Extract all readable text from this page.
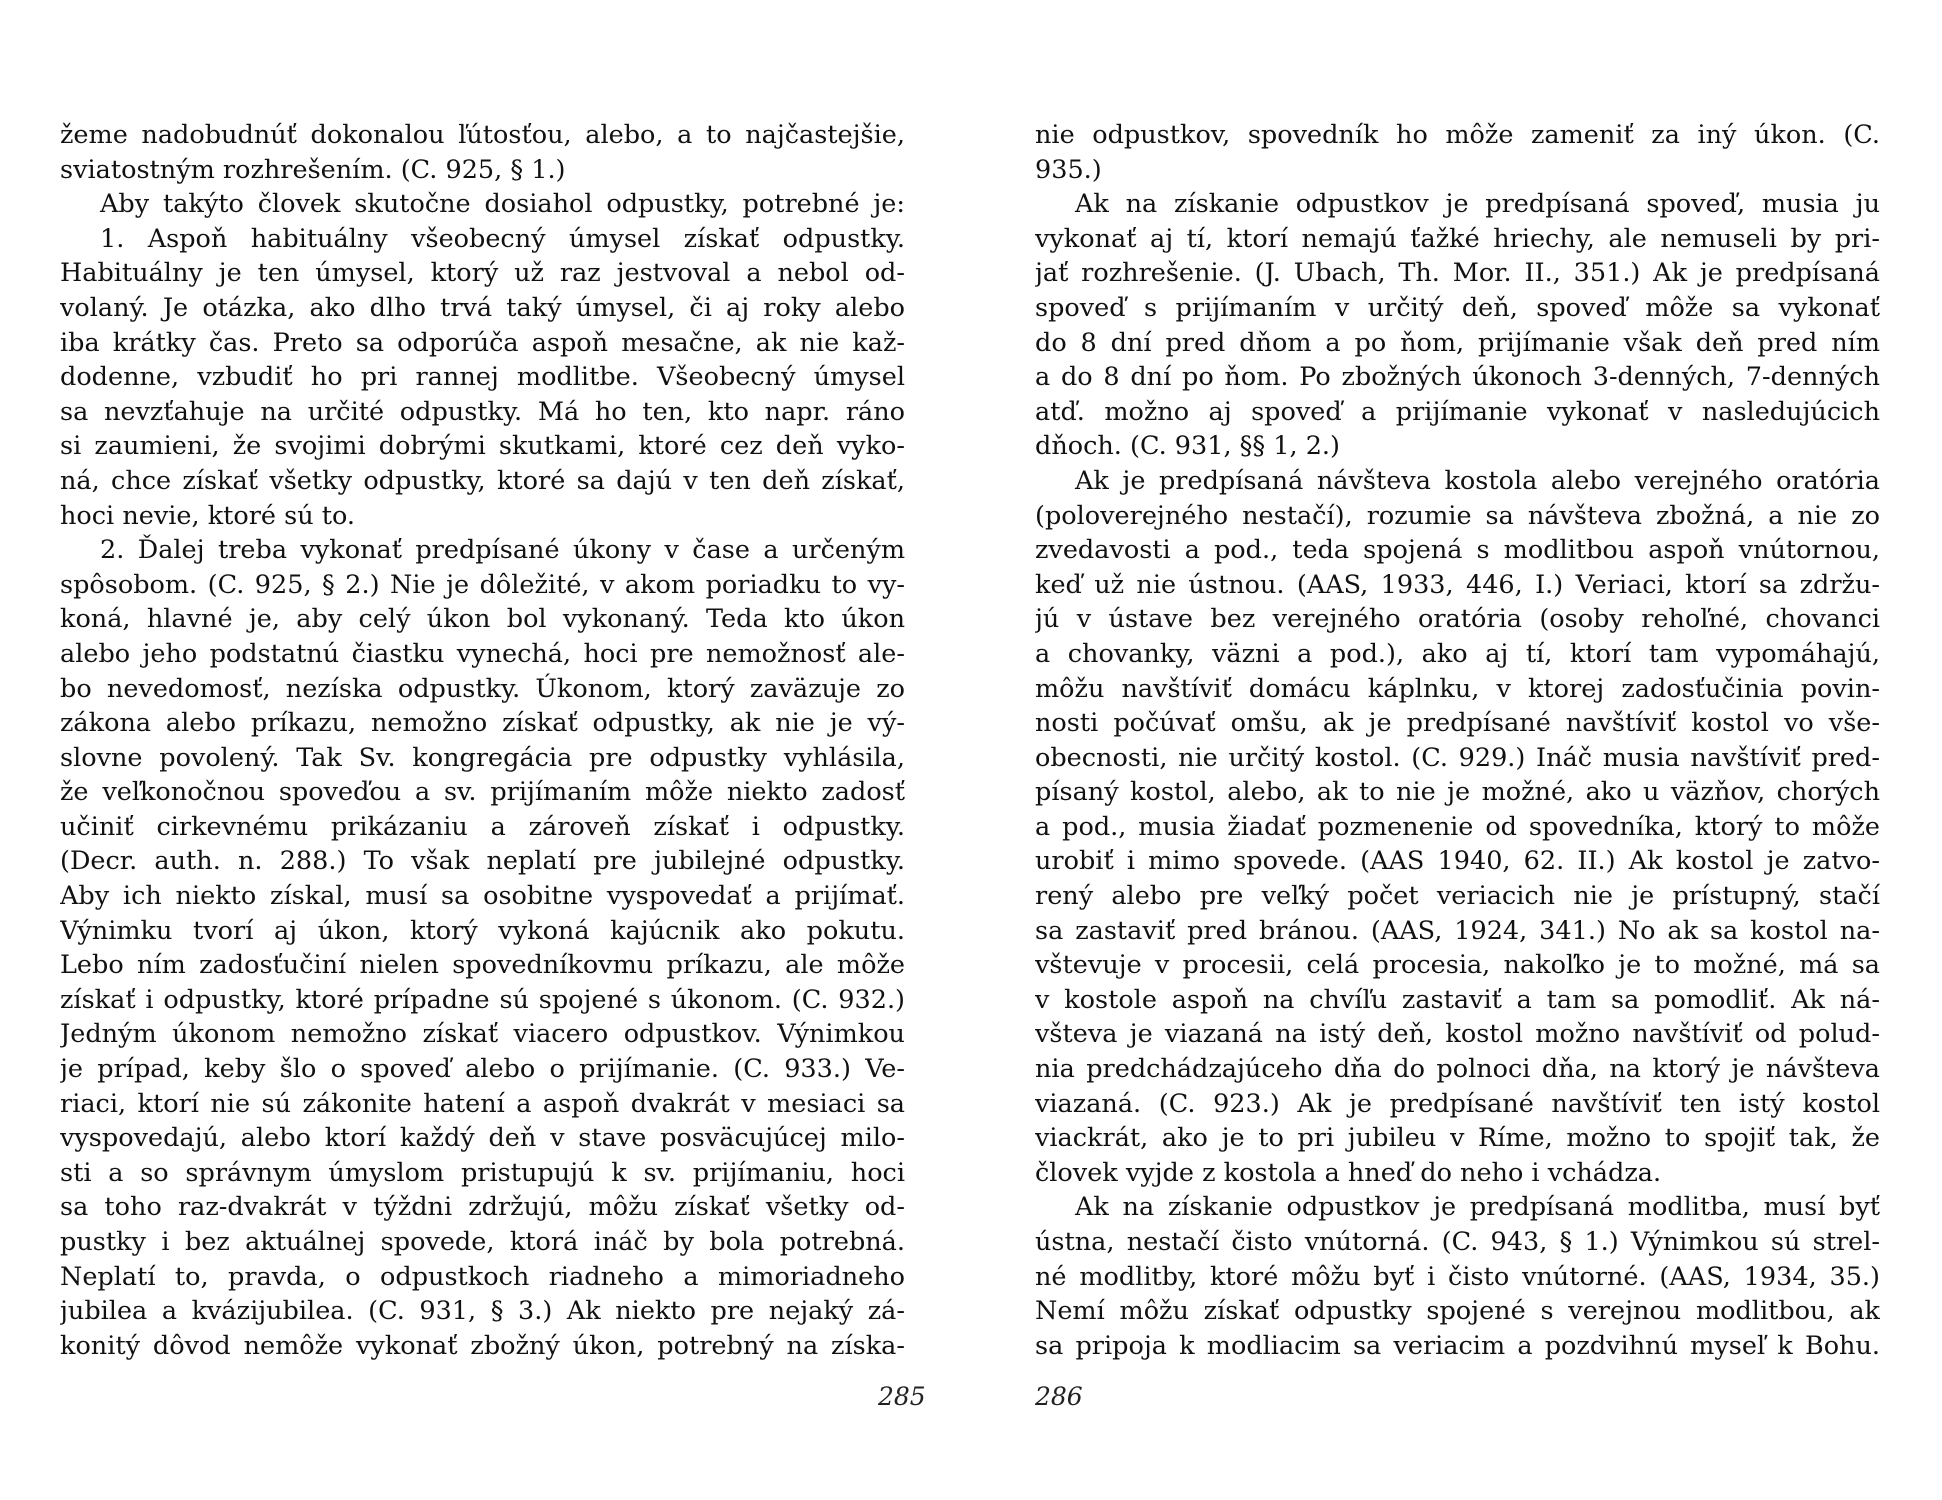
žeme nadobudnúť dokonalou ľútosťou, alebo, a to najčastejšie,
sviatostným rozhrešením. (C. 925, § 1.)
Aby takýto človek skutočne dosiahol odpustky, potrebné je:
1. Aspoň habituálny všeobecný úmysel získať odpustky.
Habituálny je ten úmysel, ktorý už raz jestvoval a nebol od-
volaný. Je otázka, ako dlho trvá taký úmysel, či aj roky alebo
iba krátky čas. Preto sa odporúča aspoň mesačne, ak nie kaž-
dodenne, vzbudiť ho pri rannej modlitbe. Všeobecný úmysel
sa nevzťahuje na určité odpustky. Má ho ten, kto napr. ráno
si zaumieni, že svojimi dobrými skutkami, ktoré cez deň vyko-
ná, chce získať všetky odpustky, ktoré sa dajú v ten deň získať,
hoci nevie, ktoré sú to.
2. Ďalej treba vykonať predpísané úkony v čase a určeným
spôsobom. (C. 925, § 2.) Nie je dôležité, v akom poriadku to vy-
koná, hlavné je, aby celý úkon bol vykonaný. Teda kto úkon
alebo jeho podstatnú čiastku vynechá, hoci pre nemožnosť ale-
bo nevedomosť, nezíska odpustky. Úkonom, ktorý zaväzuje zo
zákona alebo príkazu, nemožno získať odpustky, ak nie je vý-
slovne povolený. Tak Sv. kongregácia pre odpustky vyhlásila,
že veľkonočnou spoveďou a sv. prijímaním môže niekto zadosť
učiniť cirkevnému prikázaniu a zároveň získať i odpustky.
(Decr. auth. n. 288.) To však neplatí pre jubilejné odpustky.
Aby ich niekto získal, musí sa osobitne vyspovedať a prijímať.
Výnimku tvorí aj úkon, ktorý vykoná kajúcnik ako pokutu.
Lebo ním zadosťučiní nielen spovedníkovmu príkazu, ale môže
získať i odpustky, ktoré prípadne sú spojené s úkonom. (C. 932.)
Jedným úkonom nemožno získať viacero odpustkov. Výnimkou
je prípad, keby šlo o spoveď alebo o prijímanie. (C. 933.) Ve-
riaci, ktorí nie sú zákonite hatení a aspoň dvakrát v mesiaci sa
vyspovedajú, alebo ktorí každý deň v stave posväcujúcej milo-
sti a so správnym úmyslom pristupujú k sv. prijímaniu, hoci
sa toho raz-dvakrát v týždni zdržujú, môžu získať všetky od-
pustky i bez aktuálnej spovede, ktorá ináč by bola potrebná.
Neplatí to, pravda, o odpustkoch riadneho a mimoriadneho
jubilea a kvázijubilea. (C. 931, § 3.) Ak niekto pre nejaký zá-
konitý dôvod nemôže vykonať zbožný úkon, potrebný na získa-
nie odpustkov, spovedník ho môže zameniť za iný úkon. (C.
935.)
Ak na získanie odpustkov je predpísaná spoveď, musia ju
vykonať aj tí, ktorí nemajú ťažké hriechy, ale nemuseli by pri-
jať rozhrešenie. (J. Ubach, Th. Mor. II., 351.) Ak je predpísaná
spoveď s prijímaním v určitý deň, spoveď môže sa vykonať
do 8 dní pred dňom a po ňom, prijímanie však deň pred ním
a do 8 dní po ňom. Po zbožných úkonoch 3-denných, 7-denných
atď. možno aj spoveď a prijímanie vykonať v nasledujúcich
dňoch. (C. 931, §§ 1, 2.)
Ak je predpísaná návšteva kostola alebo verejného oratória
(poloverejného nestačí), rozumie sa návšteva zbožná, a nie zo
zvedavosti a pod., teda spojená s modlitbou aspoň vnútornou,
keď už nie ústnou. (AAS, 1933, 446, I.) Veriaci, ktorí sa zdržu-
jú v ústave bez verejného oratória (osoby rehoľné, chovanci
a chovanky, väzni a pod.), ako aj tí, ktorí tam vypomáhajú,
môžu navštíviť domácu káplnku, v ktorej zadosťučinia povin-
nosti počúvať omšu, ak je predpísané navštíviť kostol vo vše-
obecnosti, nie určitý kostol. (C. 929.) Ináč musia navštíviť pred-
písaný kostol, alebo, ak to nie je možné, ako u väzňov, chorých
a pod., musia žiadať pozmenenie od spovedníka, ktorý to môže
urobiť i mimo spovede. (AAS 1940, 62. II.) Ak kostol je zatvo-
rený alebo pre veľký počet veriacich nie je prístupný, stačí
sa zastaviť pred bránou. (AAS, 1924, 341.) No ak sa kostol na-
vštevuje v procesii, celá procesia, nakoľko je to možné, má sa
v kostole aspoň na chvíľu zastaviť a tam sa pomodliť. Ak ná-
všteva je viazaná na istý deň, kostol možno navštíviť od polud-
nia predchádzajúceho dňa do polnoci dňa, na ktorý je návšteva
viazaná. (C. 923.) Ak je predpísané navštíviť ten istý kostol
viackrát, ako je to pri jubileu v Ríme, možno to spojiť tak, že
človek vyjde z kostola a hneď do neho i vchádza.
Ak na získanie odpustkov je predpísaná modlitba, musí byť
ústna, nestačí čisto vnútorná. (C. 943, § 1.) Výnimkou sú strel-
né modlitby, ktoré môžu byť i čisto vnútorné. (AAS, 1934, 35.)
Nemí môžu získať odpustky spojené s verejnou modlitbou, ak
sa pripoja k modliacim sa veriacim a pozdvihnú myseľ k Bohu.
285	286
